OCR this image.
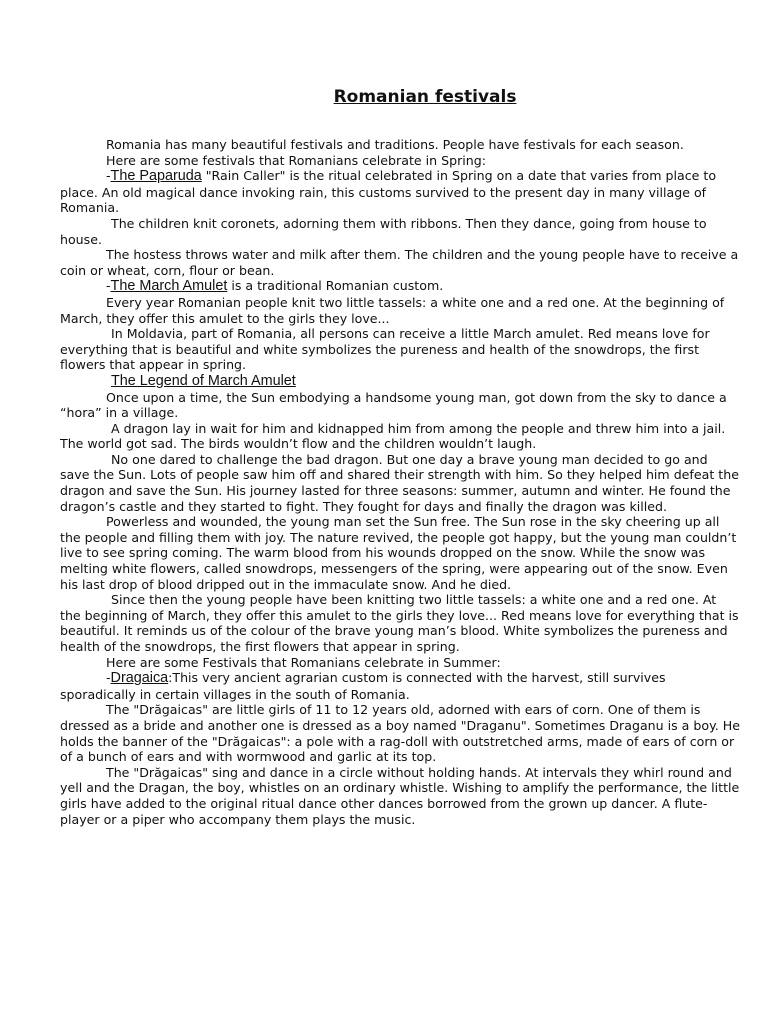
Romanian festivals

Romania has many beautiful festivals and traditions. People have festivals for each season.

Here are some festivals that Romanians celebrate in Spring:

-The Paparuda "Rain Caller" is the ritual celebrated in Spring on a date that varies from place to place. An old magical dance invoking rain, this customs survived to the present day in many village of Romania.

The children knit coronets, adorning them with ribbons. Then they dance, going from house to house.

The hostess throws water and milk after them. The children and the young people have to receive a coin or wheat, corn, flour or bean.

-The March Amulet is a traditional Romanian custom.

Every year Romanian people knit two little tassels: a white one and a red one. At the beginning of March, they offer this amulet to the girls they love...

In Moldavia, part of Romania, all persons can receive a little March amulet. Red means love for everything that is beautiful and white symbolizes the pureness and health of the snowdrops, the first flowers that appear in spring.

The Legend of March Amulet

Once upon a time, the Sun embodying a handsome young man, got down from the sky to dance a “hora” in a village.

A dragon lay in wait for him and kidnapped him from among the people and threw him into a jail. The world got sad. The birds wouldn’t flow and the children wouldn’t laugh.

No one dared to challenge the bad dragon. But one day a brave young man decided to go and save the Sun. Lots of people saw him off and shared their strength with him. So they helped him defeat the dragon and save the Sun. His journey lasted for three seasons: summer, autumn and winter. He found the dragon’s castle and they started to fight. They fought for days and finally the dragon was killed.

Powerless and wounded, the young man set the Sun free. The Sun rose in the sky cheering up all the people and filling them with joy. The nature revived, the people got happy, but the young man couldn’t live to see spring coming. The warm blood from his wounds dropped on the snow. While the snow was melting white flowers, called snowdrops, messengers of the spring, were appearing out of the snow. Even his last drop of blood dripped out in the immaculate snow. And he died.

Since then the young people have been knitting two little tassels: a white one and a red one. At the beginning of March, they offer this amulet to the girls they love... Red means love for everything that is beautiful. It reminds us of the colour of the brave young man’s blood. White symbolizes the pureness and health of the snowdrops, the first flowers that appear in spring.

Here are some Festivals that Romanians celebrate in Summer:

-Dragaica:This very ancient agrarian custom is connected with the harvest, still survives sporadically in certain villages in the south of Romania.

The "Drăgaicas" are little girls of 11 to 12 years old, adorned with ears of corn. One of them is dressed as a bride and another one is dressed as a boy named "Draganu". Sometimes Draganu is a boy. He holds the banner of the "Drăgaicas": a pole with a rag-doll with outstretched arms, made of ears of corn or of a bunch of ears and with wormwood and garlic at its top.

The "Drăgaicas" sing and dance in a circle without holding hands. At intervals they whirl round and yell and the Dragan, the boy, whistles on an ordinary whistle. Wishing to amplify the performance, the little girls have added to the original ritual dance other dances borrowed from the grown up dancer. A flute-player or a piper who accompany them plays the music.
